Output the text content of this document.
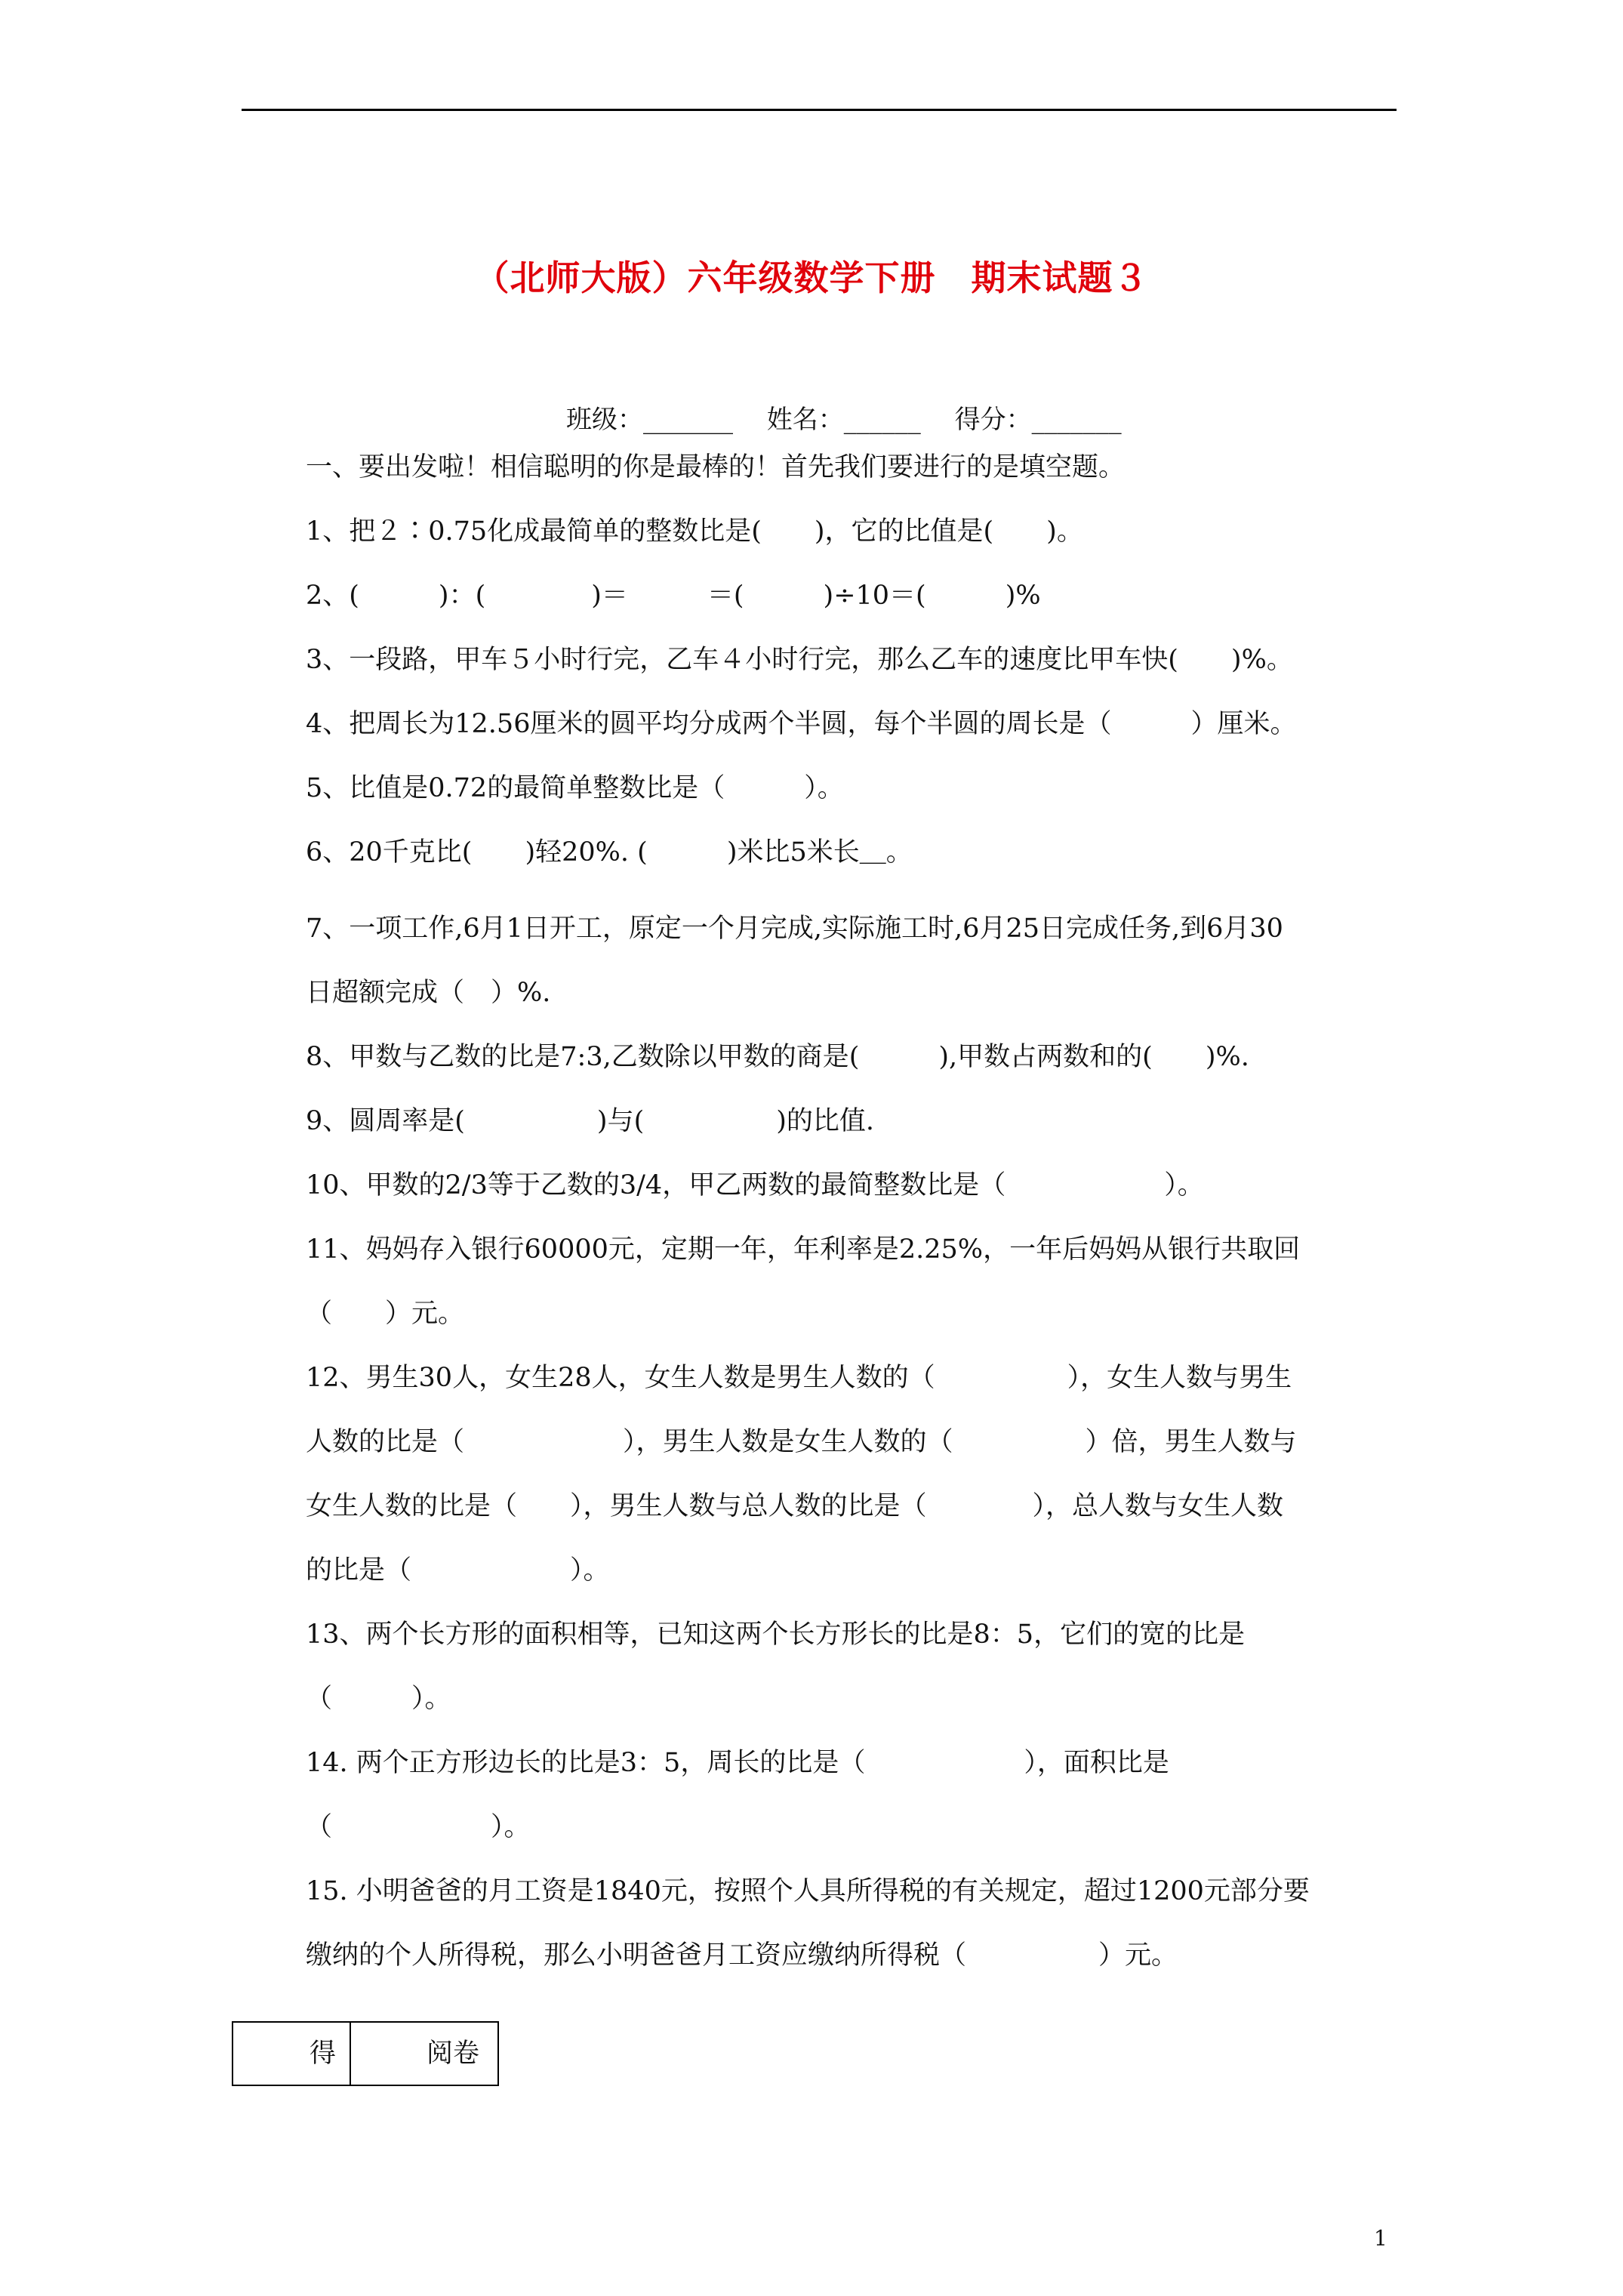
（北师大版）六年级数学下册　期末试题３
班级：_______　 姓名：______　 得分：_______
一、要出发啦！相信聪明的你是最棒的！首先我们要进行的是填空题。
1、把２∶0.75化成最简单的整数比是(　　)，它的比值是(　　)。
2、(　　　)：(　　　　)＝　　　＝(　　　)÷10＝(　　　)%
3、一段路，甲车５小时行完，乙车４小时行完，那么乙车的速度比甲车快(　　)%。
4、把周长为12.56厘米的圆平均分成两个半圆，每个半圆的周长是（　　　）厘米。
5、比值是0.72的最简单整数比是（　　　）。
6、20千克比(　　)轻20%. (　　　)米比5米长＿。
7、一项工作,6月1日开工，原定一个月完成,实际施工时,6月25日完成任务,到6月30
日超额完成（　）%.
8、甲数与乙数的比是7:3,乙数除以甲数的商是(　　　),甲数占两数和的(　　)%.
9、圆周率是(　　　　　)与(　　　　　)的比值.
10、甲数的2/3等于乙数的3/4，甲乙两数的最简整数比是（　　　　　　）。
11、妈妈存入银行60000元，定期一年，年利率是2.25%，一年后妈妈从银行共取回
（　　）元。
12、男生30人，女生28人，女生人数是男生人数的（　　　　　），女生人数与男生
人数的比是（　　　　　　），男生人数是女生人数的（　　　　　）倍，男生人数与
女生人数的比是（　　），男生人数与总人数的比是（　　　　），总人数与女生人数
的比是（　　　　　　）。
13、两个长方形的面积相等，已知这两个长方形长的比是8：5，它们的宽的比是
（　　　）。
14. 两个正方形边长的比是3：5，周长的比是（　　　　　　），面积比是
（　　　　　　）。
15. 小明爸爸的月工资是1840元，按照个人具所得税的有关规定，超过1200元部分要
缴纳的个人所得税，那么小明爸爸月工资应缴纳所得税（　　　　　）元。
得	阅卷
1
